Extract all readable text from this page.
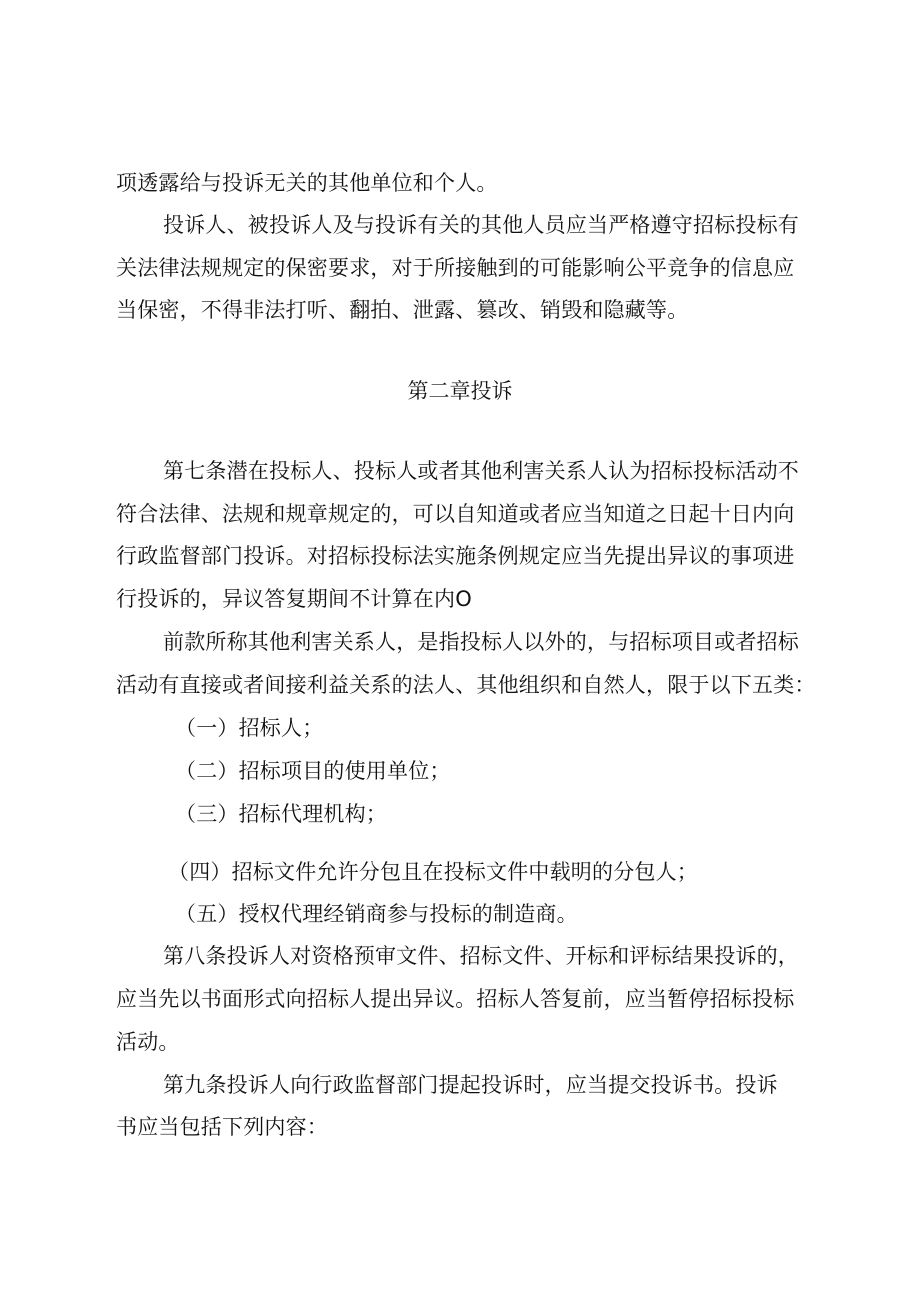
项透露给与投诉无关的其他单位和个人。
投诉人、被投诉人及与投诉有关的其他人员应当严格遵守招标投标有
关法律法规规定的保密要求，对于所接触到的可能影响公平竞争的信息应
当保密，不得非法打听、翻拍、泄露、篡改、销毁和隐藏等。
第二章投诉
第七条潜在投标人、投标人或者其他利害关系人认为招标投标活动不
符合法律、法规和规章规定的，可以自知道或者应当知道之日起十日内向
行政监督部门投诉。对招标投标法实施条例规定应当先提出异议的事项进
行投诉的，异议答复期间不计算在内O
前款所称其他利害关系人，是指投标人以外的，与招标项目或者招标
活动有直接或者间接利益关系的法人、其他组织和自然人，限于以下五类：
（一）招标人；
（二）招标项目的使用单位；
（三）招标代理机构；
（四）招标文件允许分包且在投标文件中载明的分包人；
（五）授权代理经销商参与投标的制造商。
第八条投诉人对资格预审文件、招标文件、开标和评标结果投诉的，
应当先以书面形式向招标人提出异议。招标人答复前，应当暂停招标投标
活动。
第九条投诉人向行政监督部门提起投诉时，应当提交投诉书。投诉
书应当包括下列内容：
